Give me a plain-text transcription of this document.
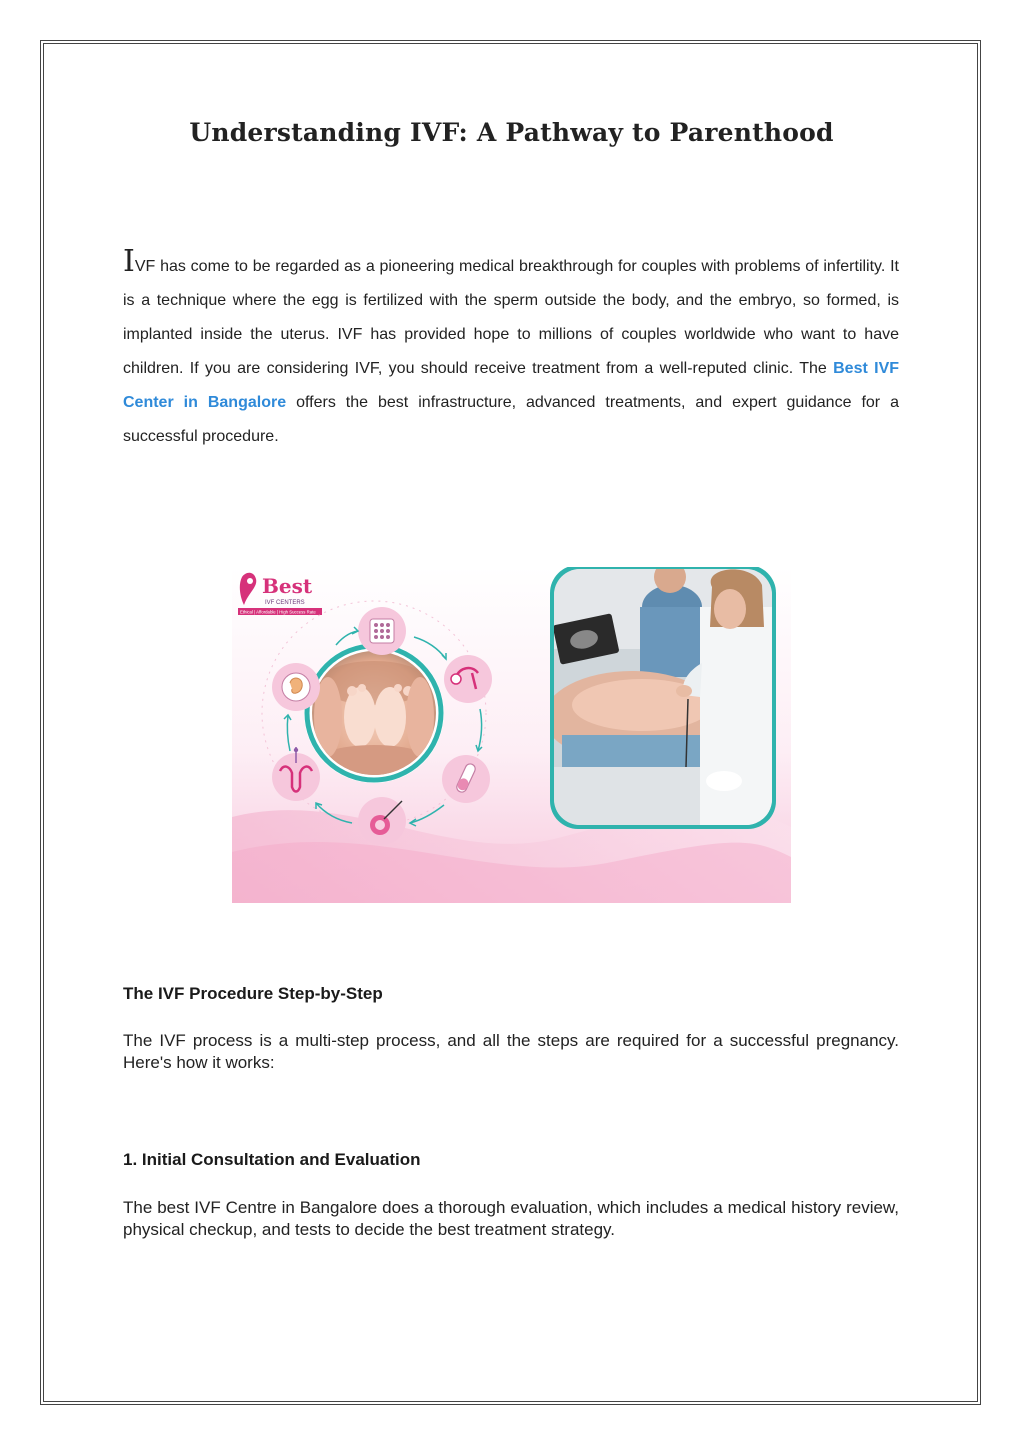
Understanding IVF: A Pathway to Parenthood

IVF has come to be regarded as a pioneering medical breakthrough for couples with problems of infertility. It is a technique where the egg is fertilized with the sperm outside the body, and the embryo, so formed, is implanted inside the uterus. IVF has provided hope to millions of couples worldwide who want to have children. If you are considering IVF, you should receive treatment from a well-reputed clinic. The Best IVF Center in Bangalore offers the best infrastructure, advanced treatments, and expert guidance for a successful procedure.

Best
IVF CENTERS
Ethical | Affordable | High Success Rate
The IVF Procedure Step-by-Step

The IVF process is a multi-step process, and all the steps are required for a successful pregnancy. Here's how it works:

1. Initial Consultation and Evaluation

The best IVF Centre in Bangalore does a thorough evaluation, which includes a medical history review, physical checkup, and tests to decide the best treatment strategy.
